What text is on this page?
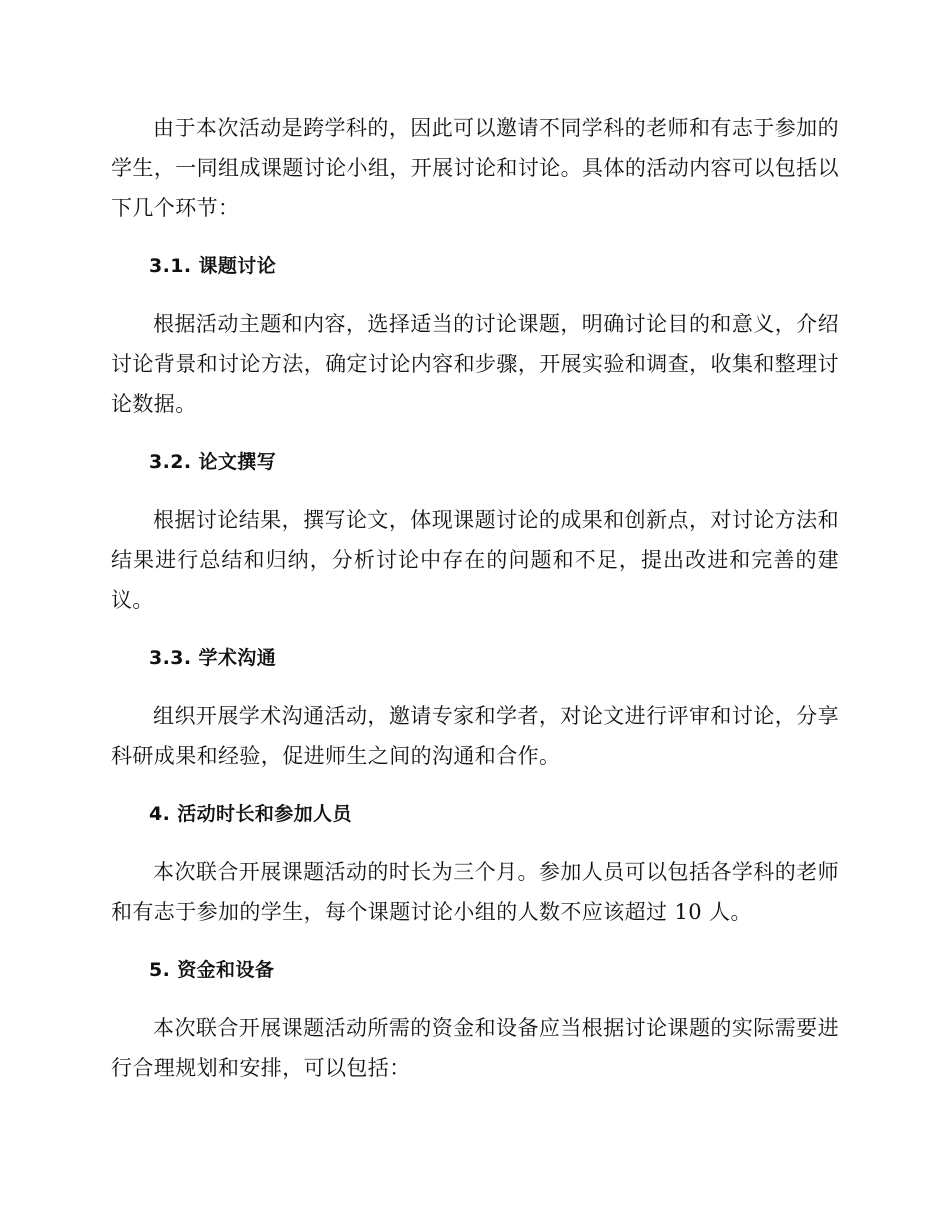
由于本次活动是跨学科的，因此可以邀请不同学科的老师和有志于参加的学生，一同组成课题讨论小组，开展讨论和讨论。具体的活动内容可以包括以下几个环节：

3.1. 课题讨论

根据活动主题和内容，选择适当的讨论课题，明确讨论目的和意义，介绍讨论背景和讨论方法，确定讨论内容和步骤，开展实验和调查，收集和整理讨论数据。

3.2. 论文撰写

根据讨论结果，撰写论文，体现课题讨论的成果和创新点，对讨论方法和结果进行总结和归纳，分析讨论中存在的问题和不足，提出改进和完善的建议。

3.3. 学术沟通

组织开展学术沟通活动，邀请专家和学者，对论文进行评审和讨论，分享科研成果和经验，促进师生之间的沟通和合作。

4. 活动时长和参加人员

本次联合开展课题活动的时长为三个月。参加人员可以包括各学科的老师和有志于参加的学生，每个课题讨论小组的人数不应该超过 10 人。

5. 资金和设备

本次联合开展课题活动所需的资金和设备应当根据讨论课题的实际需要进行合理规划和安排，可以包括：
